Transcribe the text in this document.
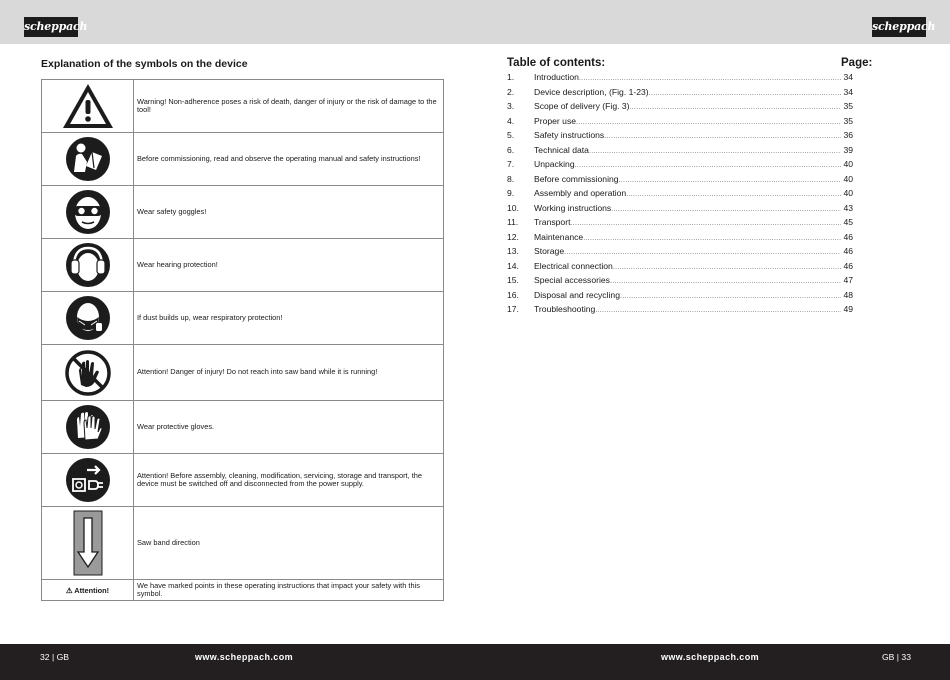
scheppach	scheppach
Explanation of the symbols on the device
	Warning! Non-adherence poses a risk of death, danger of injury or the risk of damage to the tool!

	Before commissioning, read and observe the operating manual and safety instructions!

	Wear safety goggles!

	Wear hearing protection!

	If dust builds up, wear respiratory protection!

	Attention! Danger of injury! Do not reach into saw band while it is running!

	Wear protective gloves.

	Attention! Before assembly, cleaning, modification, servicing, storage and transport, the device must be switched off and disconnected from the power supply.

	Saw band direction
⚠ Attention!	We have marked points in these operating instructions that impact your safety with this symbol.
Table of contents:	Page:
1.	Introduction .....	34
2.	Device description, (Fig. 1-23) .....	34
3.	Scope of delivery (Fig. 3) .....	35
4.	Proper use .....	35
5.	Safety instructions .....	36
6.	Technical data .....	39
7.	Unpacking .....	40
8.	Before commissioning .....	40
9.	Assembly and operation .....	40
10.	Working instructions .....	43
11.	Transport .....	45
12.	Maintenance .....	46
13.	Storage .....	46
14.	Electrical connection .....	46
15.	Special accessories .....	47
16.	Disposal and recycling .....	48
17.	Troubleshooting .....	49
32 | GB	www.scheppach.com	www.scheppach.com	GB | 33
